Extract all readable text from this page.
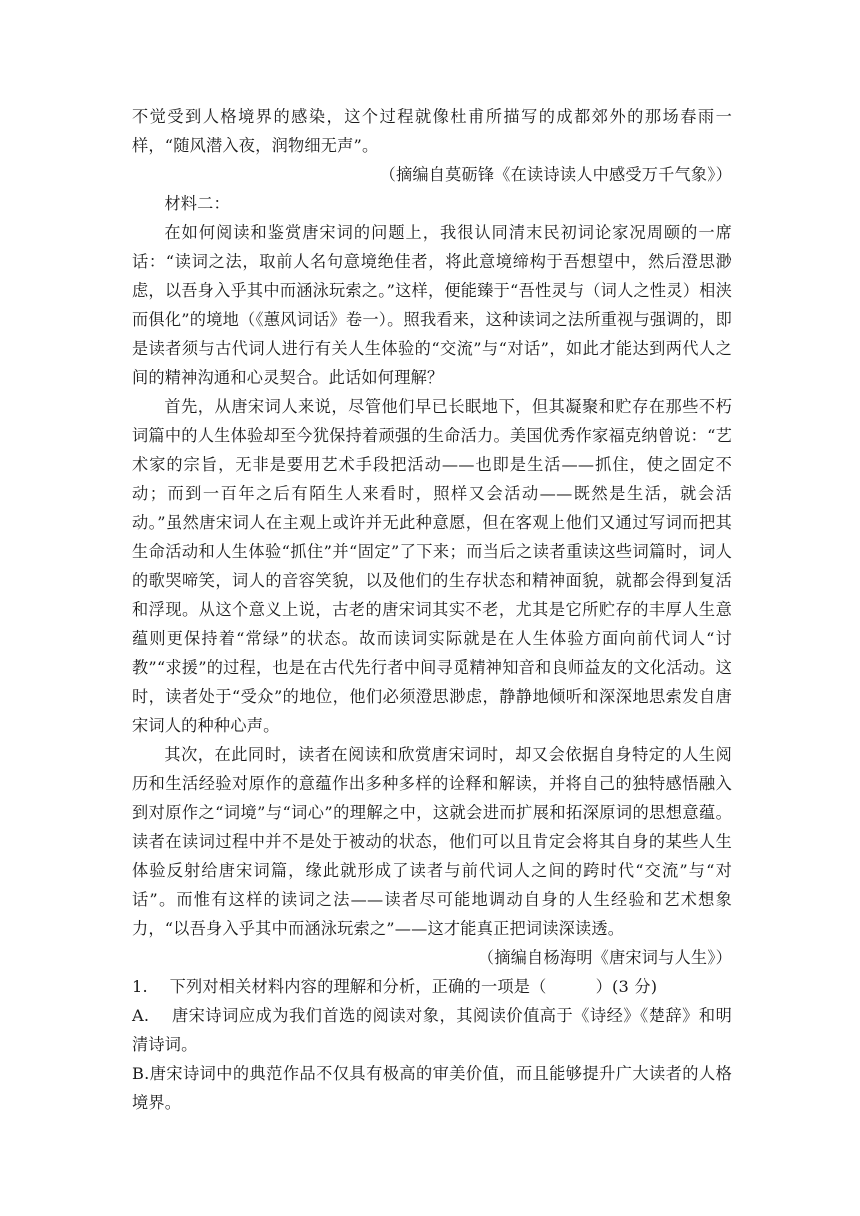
不觉受到人格境界的感染，这个过程就像杜甫所描写的成都郊外的那场春雨一样，“随风潜入夜，润物细无声”。

（摘编自莫砺锋《在读诗读人中感受万千气象》）

材料二：

在如何阅读和鉴赏唐宋词的问题上，我很认同清末民初词论家况周颐的一席话：“读词之法，取前人名句意境绝佳者，将此意境缔构于吾想望中，然后澄思渺虑，以吾身入乎其中而涵泳玩索之。”这样，便能臻于“吾性灵与（词人之性灵）相浃而俱化”的境地（《蕙风词话》卷一）。照我看来，这种读词之法所重视与强调的，即是读者须与古代词人进行有关人生体验的“交流”与“对话”，如此才能达到两代人之间的精神沟通和心灵契合。此话如何理解？

首先，从唐宋词人来说，尽管他们早已长眠地下，但其凝聚和贮存在那些不朽词篇中的人生体验却至今犹保持着顽强的生命活力。美国优秀作家福克纳曾说：“艺术家的宗旨，无非是要用艺术手段把活动——也即是生活——抓住，使之固定不动；而到一百年之后有陌生人来看时，照样又会活动——既然是生活，就会活动。”虽然唐宋词人在主观上或许并无此种意愿，但在客观上他们又通过写词而把其生命活动和人生体验“抓住”并“固定”了下来；而当后之读者重读这些词篇时，词人的歌哭啼笑，词人的音容笑貌，以及他们的生存状态和精神面貌，就都会得到复活和浮现。从这个意义上说，古老的唐宋词其实不老，尤其是它所贮存的丰厚人生意蕴则更保持着“常绿”的状态。故而读词实际就是在人生体验方面向前代词人“讨教”“求援”的过程，也是在古代先行者中间寻觅精神知音和良师益友的文化活动。这时，读者处于“受众”的地位，他们必须澄思渺虑，静静地倾听和深深地思索发自唐宋词人的种种心声。

其次，在此同时，读者在阅读和欣赏唐宋词时，却又会依据自身特定的人生阅历和生活经验对原作的意蕴作出多种多样的诠释和解读，并将自己的独特感悟融入到对原作之“词境”与“词心”的理解之中，这就会进而扩展和拓深原词的思想意蕴。读者在读词过程中并不是处于被动的状态，他们可以且肯定会将其自身的某些人生体验反射给唐宋词篇，缘此就形成了读者与前代词人之间的跨时代“交流”与“对话”。而惟有这样的读词之法——读者尽可能地调动自身的人生经验和艺术想象力，“以吾身入乎其中而涵泳玩索之”——这才能真正把词读深读透。

（摘编自杨海明《唐宋词与人生》）

1.　 下列对相关材料内容的理解和分析，正确的一项是（　　　）(3 分)

A.　 唐宋诗词应成为我们首选的阅读对象，其阅读价值高于《诗经》《楚辞》和明清诗词。

B.唐宋诗词中的典范作品不仅具有极高的审美价值，而且能够提升广大读者的人格境界。
